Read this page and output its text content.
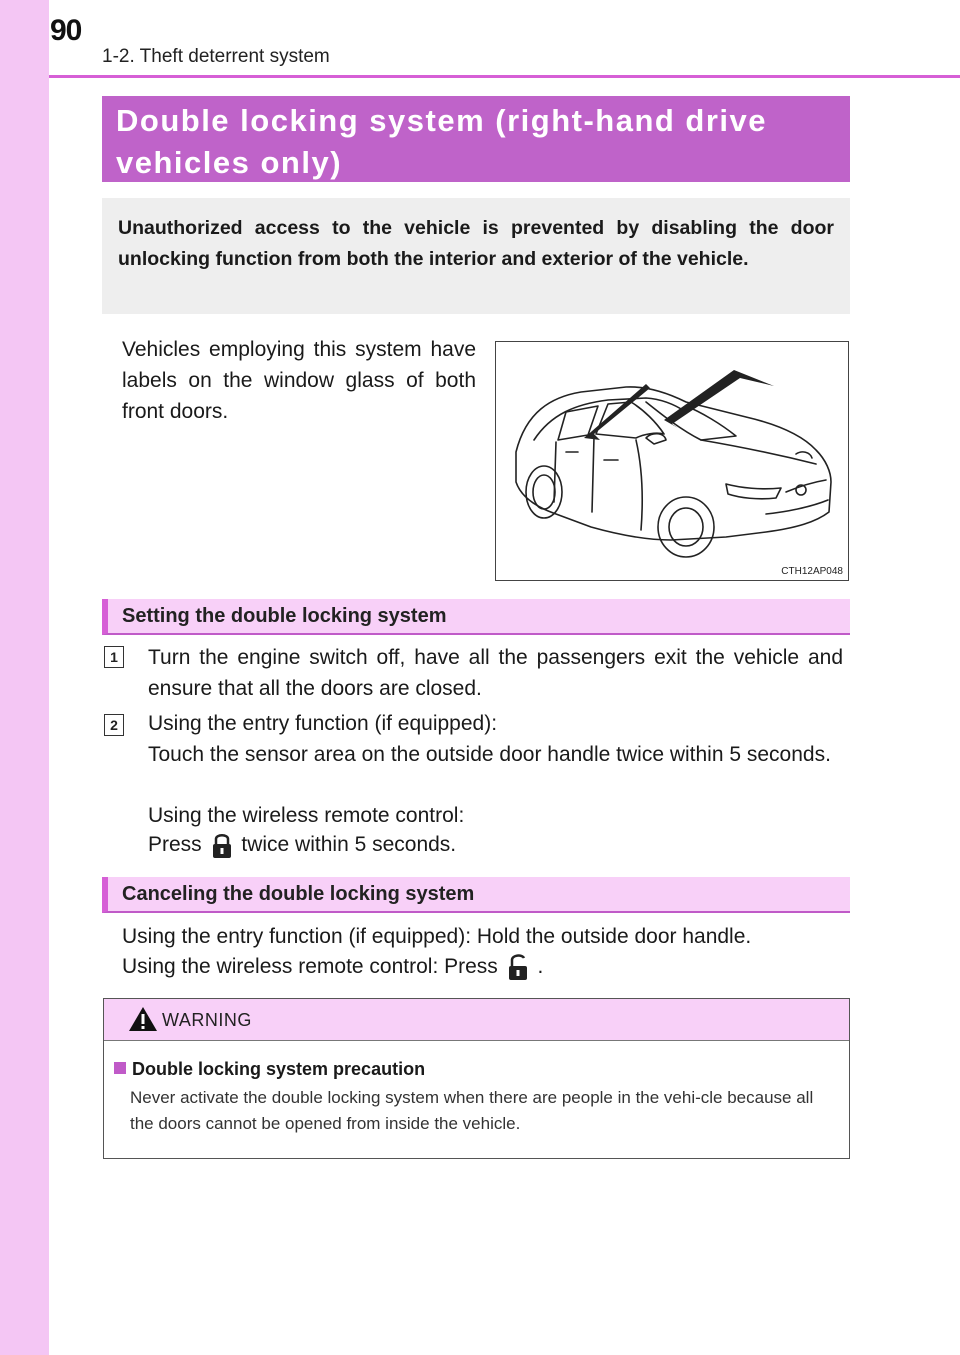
90
1-2. Theft deterrent system
Double locking system (right-hand drive
vehicles only)
Unauthorized access to the vehicle is prevented by disabling the door unlocking function from both the interior and exterior of the vehicle.
Vehicles employing this system have labels on the window glass of both front doors.
CTH12AP048
Setting the double locking system
1 Turn the engine switch off, have all the passengers exit the vehicle and ensure that all the doors are closed.
2 Using the entry function (if equipped):
Touch the sensor area on the outside door handle twice within 5 seconds.
Using the wireless remote control:
Press twice within 5 seconds.
Canceling the double locking system
Using the entry function (if equipped): Hold the outside door handle.
Using the wireless remote control: Press .
WARNING
Double locking system precaution
Never activate the double locking system when there are people in the vehi-cle because all the doors cannot be opened from inside the vehicle.
